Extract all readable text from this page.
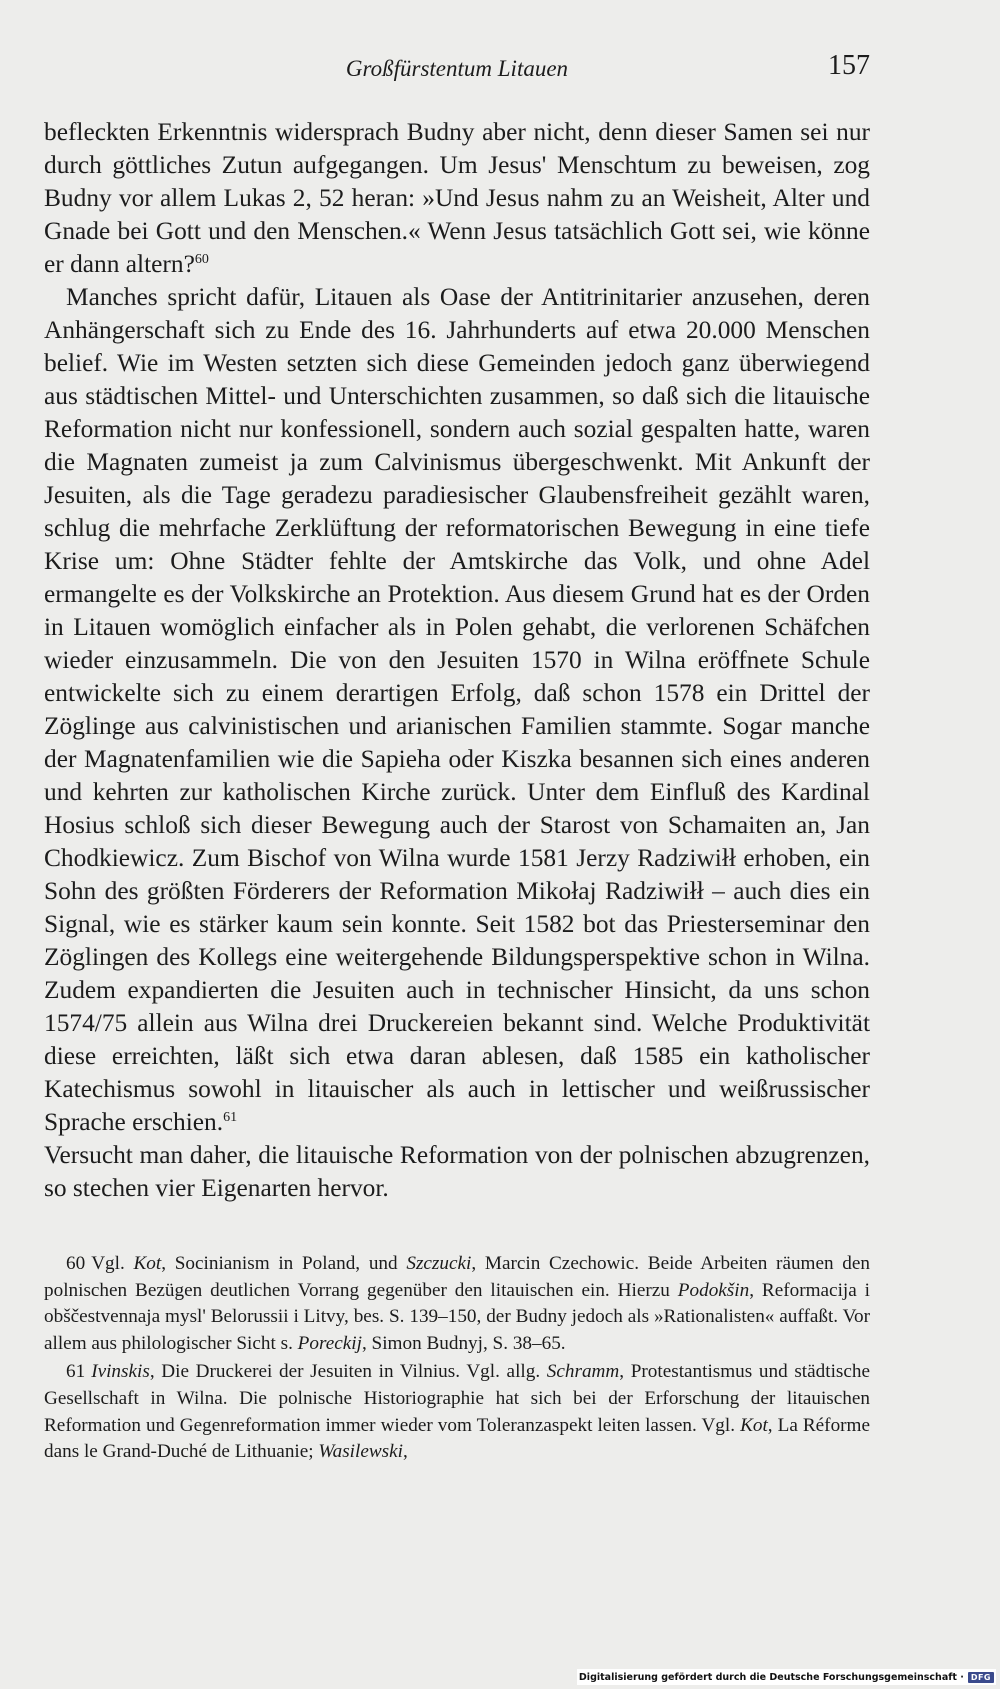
Großfürstentum Litauen	157

befleckten Erkenntnis widersprach Budny aber nicht, denn dieser Samen sei nur durch göttliches Zutun aufgegangen. Um Jesus' Menschtum zu beweisen, zog Budny vor allem Lukas 2, 52 heran: »Und Jesus nahm zu an Weisheit, Alter und Gnade bei Gott und den Menschen.« Wenn Jesus tatsächlich Gott sei, wie könne er dann altern?$^{60}$

Manches spricht dafür, Litauen als Oase der Antitrinitarier anzusehen, deren Anhängerschaft sich zu Ende des 16. Jahrhunderts auf etwa 20.000 Menschen belief. Wie im Westen setzten sich diese Gemeinden jedoch ganz überwiegend aus städtischen Mittel- und Unterschichten zusammen, so daß sich die litauische Reformation nicht nur konfessionell, sondern auch sozial gespalten hatte, waren die Magnaten zumeist ja zum Calvinismus übergeschwenkt. Mit Ankunft der Jesuiten, als die Tage geradezu paradiesischer Glaubensfreiheit gezählt waren, schlug die mehrfache Zerklüftung der reformatorischen Bewegung in eine tiefe Krise um: Ohne Städter fehlte der Amtskirche das Volk, und ohne Adel ermangelte es der Volkskirche an Protektion. Aus diesem Grund hat es der Orden in Litauen womöglich einfacher als in Polen gehabt, die verlorenen Schäfchen wieder einzusammeln. Die von den Jesuiten 1570 in Wilna eröffnete Schule entwickelte sich zu einem derartigen Erfolg, daß schon 1578 ein Drittel der Zöglinge aus calvinistischen und arianischen Familien stammte. Sogar manche der Magnatenfamilien wie die Sapieha oder Kiszka besannen sich eines anderen und kehrten zur katholischen Kirche zurück. Unter dem Einfluß des Kardinal Hosius schloß sich dieser Bewegung auch der Starost von Schamaiten an, Jan Chodkiewicz. Zum Bischof von Wilna wurde 1581 Jerzy Radziwiłł erhoben, ein Sohn des größten Förderers der Reformation Mikołaj Radziwiłł – auch dies ein Signal, wie es stärker kaum sein konnte. Seit 1582 bot das Priesterseminar den Zöglingen des Kollegs eine weitergehende Bildungsperspektive schon in Wilna. Zudem expandierten die Jesuiten auch in technischer Hinsicht, da uns schon 1574/75 allein aus Wilna drei Druckereien bekannt sind. Welche Produktivität diese erreichten, läßt sich etwa daran ablesen, daß 1585 ein katholischer Katechismus sowohl in litauischer als auch in lettischer und weißrussischer Sprache erschien.$^{61}$
Versucht man daher, die litauische Reformation von der polnischen abzugrenzen, so stechen vier Eigenarten hervor.

60 Vgl. Kot, Socinianism in Poland, und Szczucki, Marcin Czechowic. Beide Arbeiten räumen den polnischen Bezügen deutlichen Vorrang gegenüber den litauischen ein. Hierzu Podokšin, Reformacija i obščestvennaja mysl' Belorussii i Litvy, bes. S. 139–150, der Budny jedoch als »Rationalisten« auffaßt. Vor allem aus philologischer Sicht s. Poreckij, Simon Budnyj, S. 38–65.

61 Ivinskis, Die Druckerei der Jesuiten in Vilnius. Vgl. allg. Schramm, Protestantismus und städtische Gesellschaft in Wilna. Die polnische Historiographie hat sich bei der Erforschung der litauischen Reformation und Gegenreformation immer wieder vom Toleranzaspekt leiten lassen. Vgl. Kot, La Réforme dans le Grand-Duché de Lithuanie; Wasilewski,

Digitalisierung gefördert durch die Deutsche Forschungsgemeinschaft · DFG
